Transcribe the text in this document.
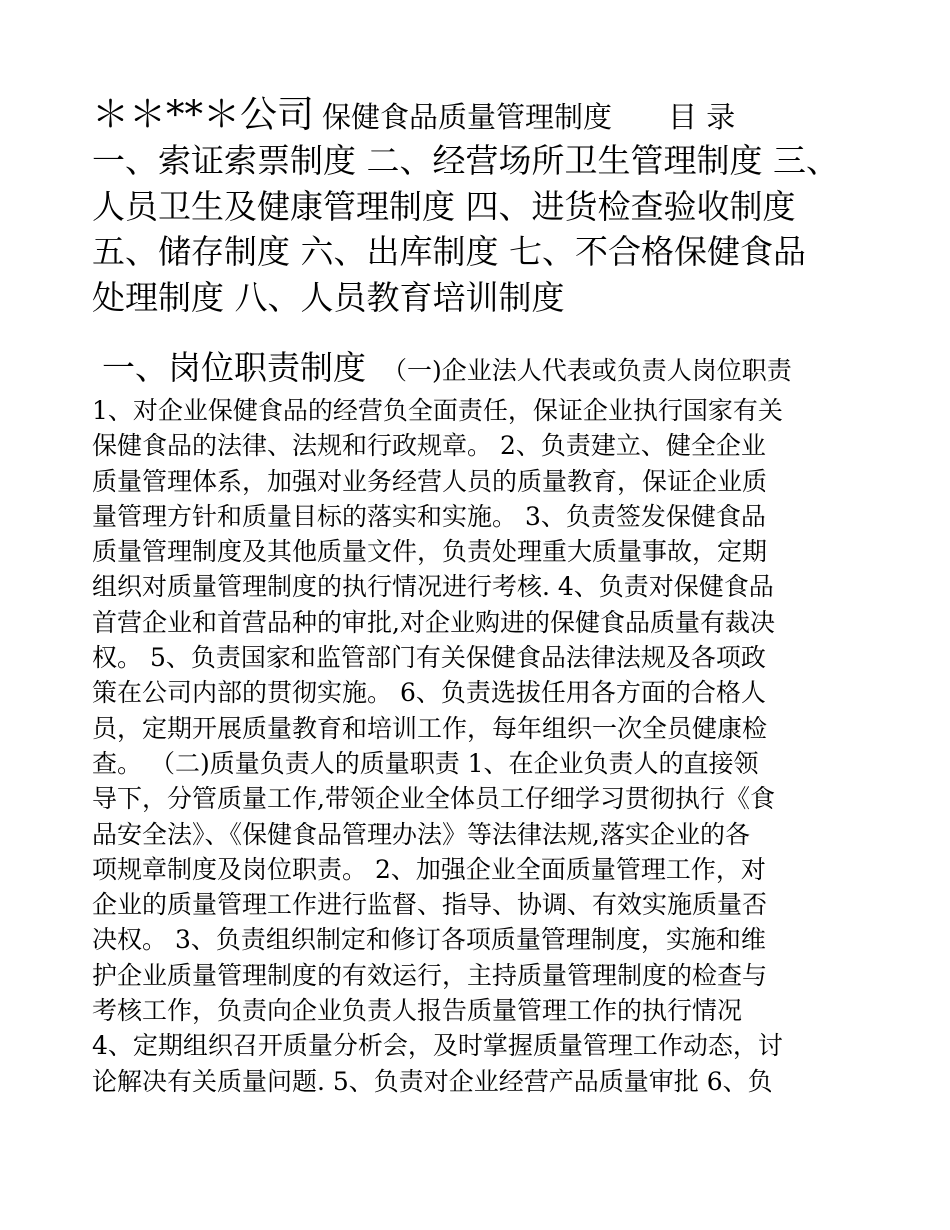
＊＊**＊公司 保健食品质量管理制度 目 录
一、索证索票制度 二、经营场所卫生管理制度 三、
人员卫生及健康管理制度 四、进货检查验收制度
五、储存制度 六、出库制度 七、不合格保健食品
处理制度 八、人员教育培训制度
一、岗位职责制度 （一)企业法人代表或负责人岗位职责
1、对企业保健食品的经营负全面责任，保证企业执行国家有关
保健食品的法律、法规和行政规章。 2、负责建立、健全企业
质量管理体系，加强对业务经营人员的质量教育，保证企业质
量管理方针和质量目标的落实和实施。 3、负责签发保健食品
质量管理制度及其他质量文件，负责处理重大质量事故，定期
组织对质量管理制度的执行情况进行考核. 4、负责对保健食品
首营企业和首营品种的审批,对企业购进的保健食品质量有裁决
权。 5、负责国家和监管部门有关保健食品法律法规及各项政
策在公司内部的贯彻实施。 6、负责选拔任用各方面的合格人
员，定期开展质量教育和培训工作，每年组织一次全员健康检
查。 （二)质量负责人的质量职责 1、在企业负责人的直接领
导下，分管质量工作,带领企业全体员工仔细学习贯彻执行《食
品安全法》、《保健食品管理办法》等法律法规,落实企业的各
项规章制度及岗位职责。 2、加强企业全面质量管理工作，对
企业的质量管理工作进行监督、指导、协调、有效实施质量否
决权。 3、负责组织制定和修订各项质量管理制度，实施和维
护企业质量管理制度的有效运行，主持质量管理制度的检查与
考核工作，负责向企业负责人报告质量管理工作的执行情况
4、定期组织召开质量分析会，及时掌握质量管理工作动态，讨
论解决有关质量问题. 5、负责对企业经营产品质量审批 6、负
